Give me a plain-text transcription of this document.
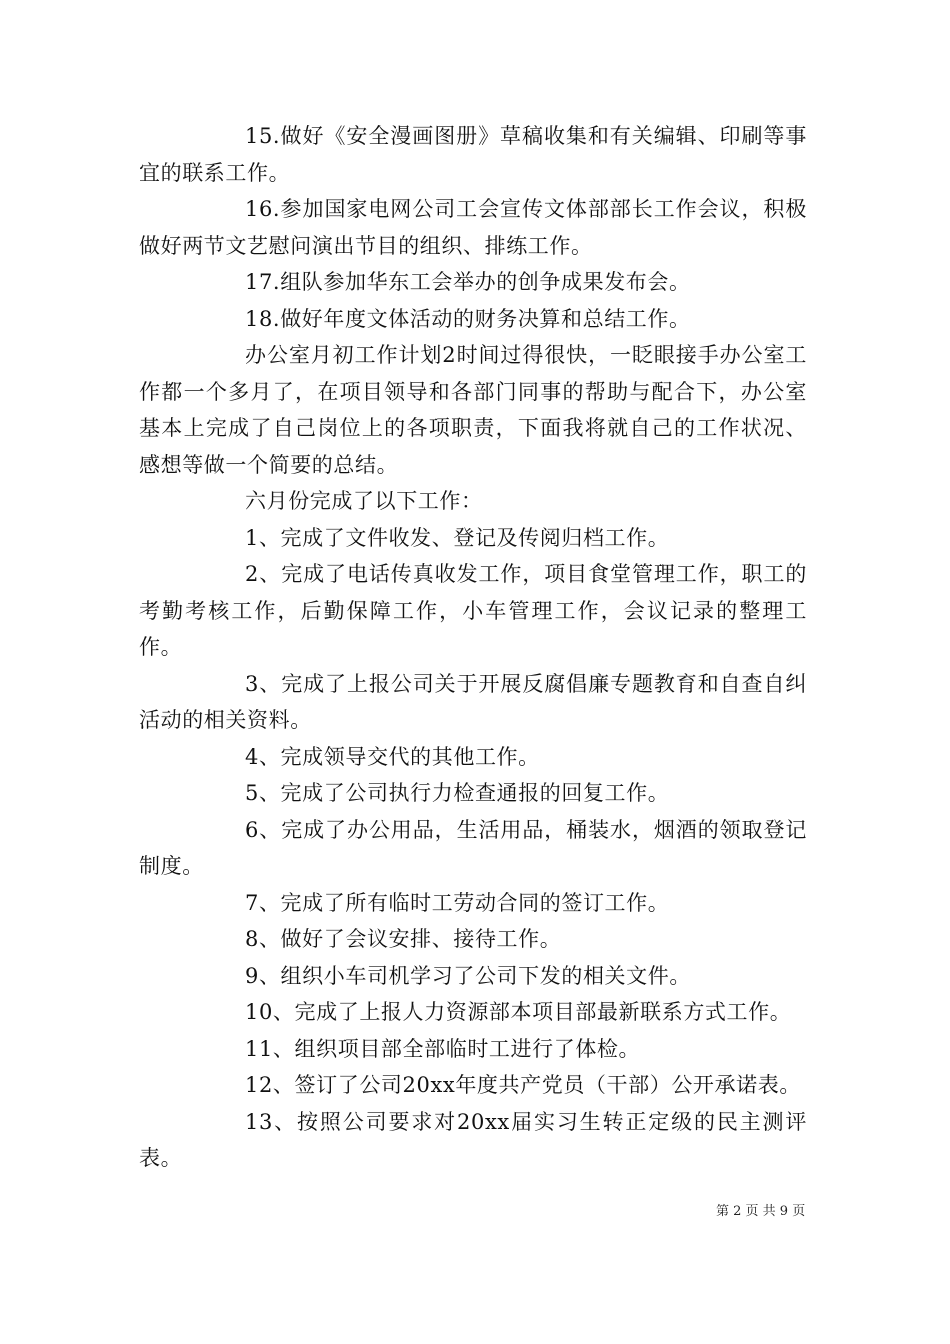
15.做好《安全漫画图册》草稿收集和有关编辑、印刷等事宜的联系工作。

16.参加国家电网公司工会宣传文体部部长工作会议，积极做好两节文艺慰问演出节目的组织、排练工作。

17.组队参加华东工会举办的创争成果发布会。

18.做好年度文体活动的财务决算和总结工作。

办公室月初工作计划2时间过得很快，一眨眼接手办公室工作都一个多月了，在项目领导和各部门同事的帮助与配合下，办公室基本上完成了自己岗位上的各项职责，下面我将就自己的工作状况、感想等做一个简要的总结。

六月份完成了以下工作：

1、完成了文件收发、登记及传阅归档工作。

2、完成了电话传真收发工作，项目食堂管理工作，职工的考勤考核工作，后勤保障工作，小车管理工作，会议记录的整理工作。

3、完成了上报公司关于开展反腐倡廉专题教育和自查自纠活动的相关资料。

4、完成领导交代的其他工作。

5、完成了公司执行力检查通报的回复工作。

6、完成了办公用品，生活用品，桶装水，烟酒的领取登记制度。

7、完成了所有临时工劳动合同的签订工作。

8、做好了会议安排、接待工作。

9、组织小车司机学习了公司下发的相关文件。

10、完成了上报人力资源部本项目部最新联系方式工作。

11、组织项目部全部临时工进行了体检。

12、签订了公司20xx年度共产党员（干部）公开承诺表。

13、按照公司要求对20xx届实习生转正定级的民主测评表。

第 2 页 共 9 页
